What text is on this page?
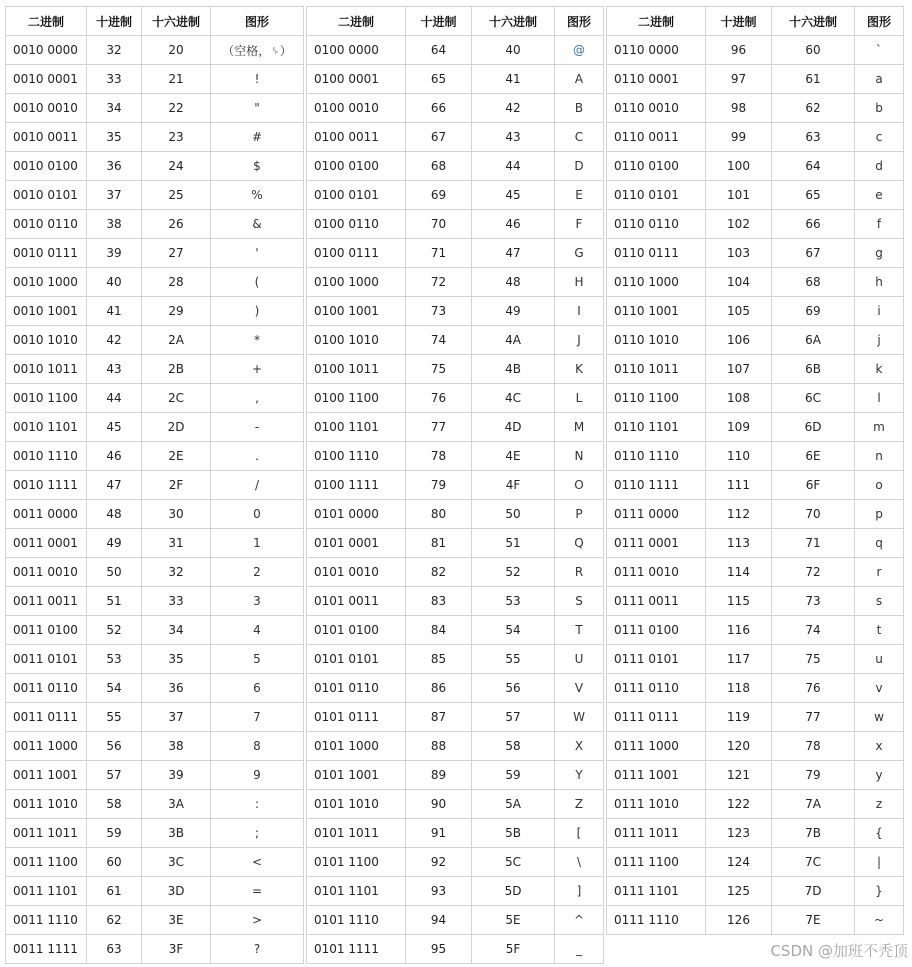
二进制	十进制	十六进制	图形
0010 0000	32	20	（空格，␠）
0010 0001	33	21	!
0010 0010	34	22	"
0010 0011	35	23	#
0010 0100	36	24	$
0010 0101	37	25	%
0010 0110	38	26	&
0010 0111	39	27	'
0010 1000	40	28	(
0010 1001	41	29	)
0010 1010	42	2A	*
0010 1011	43	2B	+
0010 1100	44	2C	,
0010 1101	45	2D	-
0010 1110	46	2E	.
0010 1111	47	2F	/
0011 0000	48	30	0
0011 0001	49	31	1
0011 0010	50	32	2
0011 0011	51	33	3
0011 0100	52	34	4
0011 0101	53	35	5
0011 0110	54	36	6
0011 0111	55	37	7
0011 1000	56	38	8
0011 1001	57	39	9
0011 1010	58	3A	:
0011 1011	59	3B	;
0011 1100	60	3C	<
0011 1101	61	3D	=
0011 1110	62	3E	>
0011 1111	63	3F	?
二进制	十进制	十六进制	图形
0100 0000	64	40	@
0100 0001	65	41	A
0100 0010	66	42	B
0100 0011	67	43	C
0100 0100	68	44	D
0100 0101	69	45	E
0100 0110	70	46	F
0100 0111	71	47	G
0100 1000	72	48	H
0100 1001	73	49	I
0100 1010	74	4A	J
0100 1011	75	4B	K
0100 1100	76	4C	L
0100 1101	77	4D	M
0100 1110	78	4E	N
0100 1111	79	4F	O
0101 0000	80	50	P
0101 0001	81	51	Q
0101 0010	82	52	R
0101 0011	83	53	S
0101 0100	84	54	T
0101 0101	85	55	U
0101 0110	86	56	V
0101 0111	87	57	W
0101 1000	88	58	X
0101 1001	89	59	Y
0101 1010	90	5A	Z
0101 1011	91	5B	[
0101 1100	92	5C	\
0101 1101	93	5D	]
0101 1110	94	5E	^
0101 1111	95	5F	_
二进制	十进制	十六进制	图形
0110 0000	96	60	`
0110 0001	97	61	a
0110 0010	98	62	b
0110 0011	99	63	c
0110 0100	100	64	d
0110 0101	101	65	e
0110 0110	102	66	f
0110 0111	103	67	g
0110 1000	104	68	h
0110 1001	105	69	i
0110 1010	106	6A	j
0110 1011	107	6B	k
0110 1100	108	6C	l
0110 1101	109	6D	m
0110 1110	110	6E	n
0110 1111	111	6F	o
0111 0000	112	70	p
0111 0001	113	71	q
0111 0010	114	72	r
0111 0011	115	73	s
0111 0100	116	74	t
0111 0101	117	75	u
0111 0110	118	76	v
0111 0111	119	77	w
0111 1000	120	78	x
0111 1001	121	79	y
0111 1010	122	7A	z
0111 1011	123	7B	{
0111 1100	124	7C	|
0111 1101	125	7D	}
0111 1110	126	7E	~
CSDN @加班不秃顶
